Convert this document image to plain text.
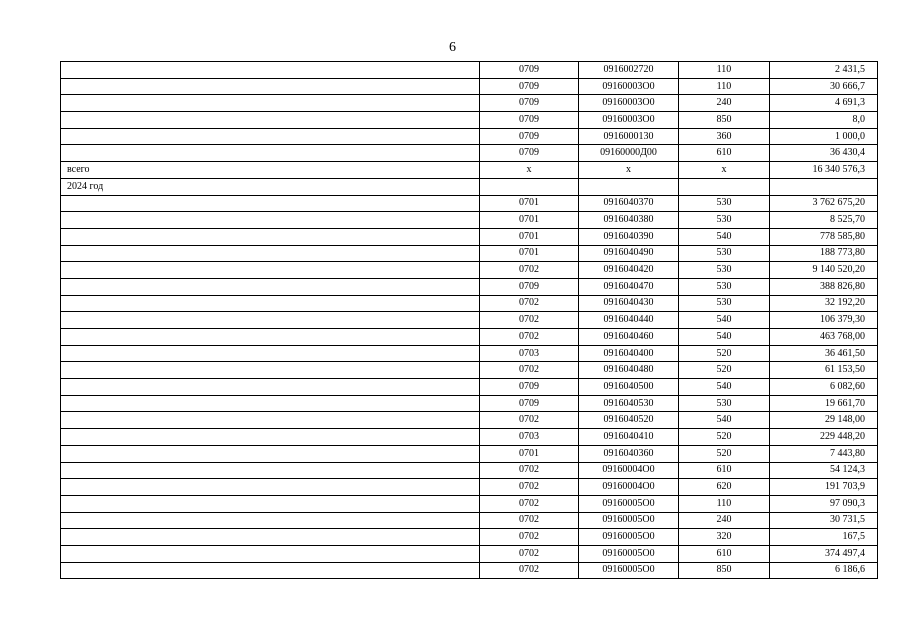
6
	0709	0916002720	110	2 431,5
	0709	09160003О0	110	30 666,7
	0709	09160003О0	240	4 691,3
	0709	09160003О0	850	8,0
	0709	0916000130	360	1 000,0
	0709	09160000Д00	610	36 430,4
всего	х	х	х	16 340 576,3
2024 год				
	0701	0916040370	530	3 762 675,20
	0701	0916040380	530	8 525,70
	0701	0916040390	540	778 585,80
	0701	0916040490	530	188 773,80
	0702	0916040420	530	9 140 520,20
	0709	0916040470	530	388 826,80
	0702	0916040430	530	32 192,20
	0702	0916040440	540	106 379,30
	0702	0916040460	540	463 768,00
	0703	0916040400	520	36 461,50
	0702	0916040480	520	61 153,50
	0709	0916040500	540	6 082,60
	0709	0916040530	530	19 661,70
	0702	0916040520	540	29 148,00
	0703	0916040410	520	229 448,20
	0701	0916040360	520	7 443,80
	0702	09160004О0	610	54 124,3
	0702	09160004О0	620	191 703,9
	0702	09160005О0	110	97 090,3
	0702	09160005О0	240	30 731,5
	0702	09160005О0	320	167,5
	0702	09160005О0	610	374 497,4
	0702	09160005О0	850	6 186,6
